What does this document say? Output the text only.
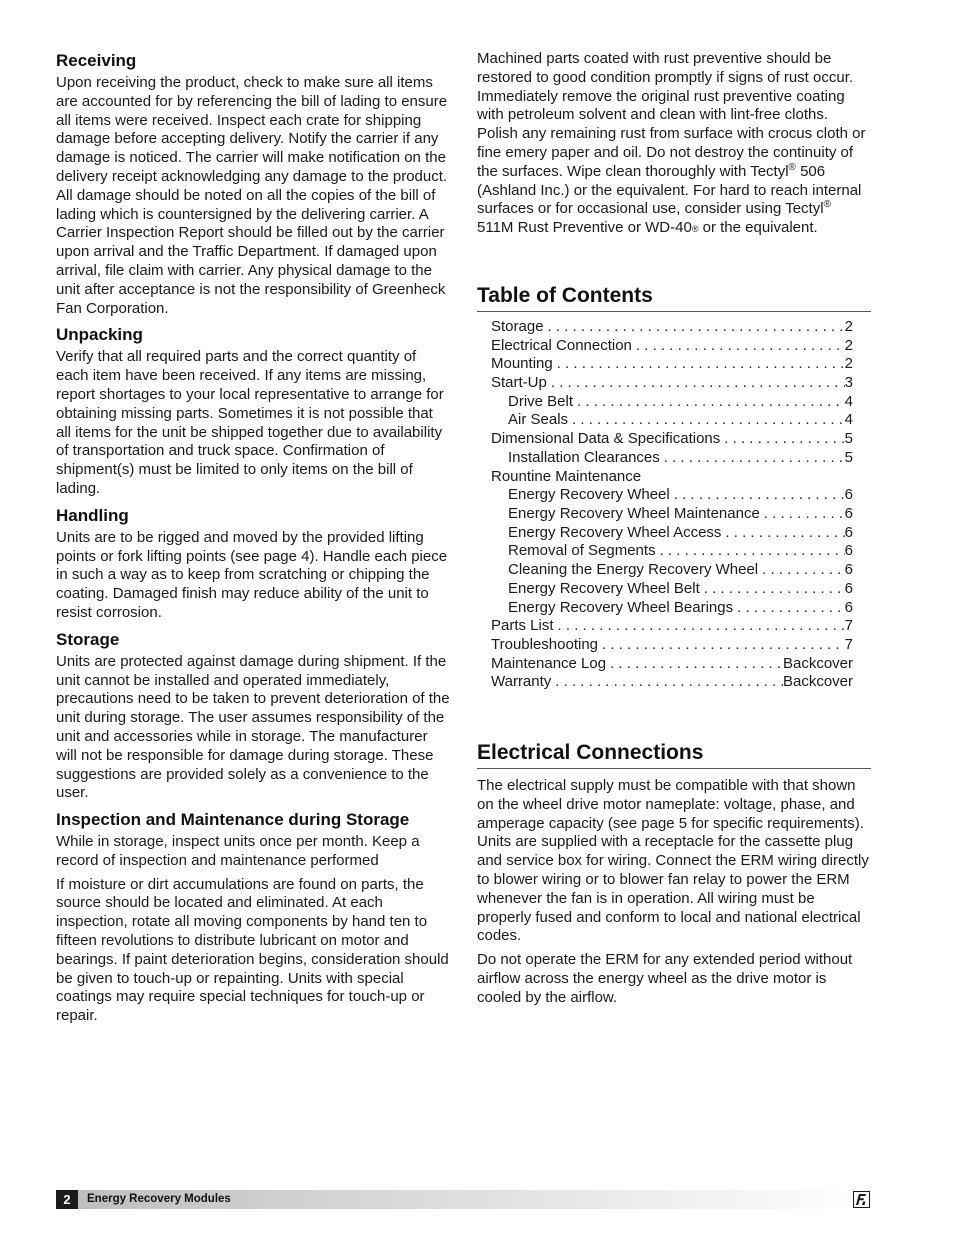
Receiving

Upon receiving the product, check to make sure all items are accounted for by referencing the bill of lading to ensure all items were received. Inspect each crate for shipping damage before accepting delivery. Notify the carrier if any damage is noticed. The carrier will make notification on the delivery receipt acknowledging any damage to the product. All damage should be noted on all the copies of the bill of lading which is countersigned by the delivering carrier. A Carrier Inspection Report should be filled out by the carrier upon arrival and the Traffic Department. If damaged upon arrival, file claim with carrier. Any physical damage to the unit after acceptance is not the responsibility of Greenheck Fan Corporation.

Unpacking

Verify that all required parts and the correct quantity of each item have been received. If any items are missing, report shortages to your local representative to arrange for obtaining missing parts. Sometimes it is not possible that all items for the unit be shipped together due to availability of transportation and truck space. Confirmation of shipment(s) must be limited to only items on the bill of lading.

Handling

Units are to be rigged and moved by the provided lifting points or fork lifting points (see page 4). Handle each piece in such a way as to keep from scratching or chipping the coating. Damaged finish may reduce ability of the unit to resist corrosion.

Storage

Units are protected against damage during shipment. If the unit cannot be installed and operated immediately, precautions need to be taken to prevent deterioration of the unit during storage. The user assumes responsibility of the unit and accessories while in storage. The manufacturer will not be responsible for damage during storage. These suggestions are provided solely as a convenience to the user.

Inspection and Maintenance during Storage

While in storage, inspect units once per month. Keep a record of inspection and maintenance performed

If moisture or dirt accumulations are found on parts, the source should be located and eliminated. At each inspection, rotate all moving components by hand ten to fifteen revolutions to distribute lubricant on motor and bearings. If paint deterioration begins, consideration should be given to touch-up or repainting. Units with special coatings may require special techniques for touch-up or repair.

Machined parts coated with rust preventive should be restored to good condition promptly if signs of rust occur. Immediately remove the original rust preventive coating with petroleum solvent and clean with lint-free cloths. Polish any remaining rust from surface with crocus cloth or fine emery paper and oil. Do not destroy the continuity of the surfaces. Wipe clean thoroughly with Tectyl® 506 (Ashland Inc.) or the equivalent. For hard to reach internal surfaces or for occasional use, consider using Tectyl® 511M Rust Preventive or WD-40® or the equivalent.

Table of Contents
Storage . . .	2
Electrical Connection . . .	2
Mounting . . .	2
Start-Up . . .	3
Drive Belt . . .	4
Air Seals . . .	4
Dimensional Data & Specifications . . .	5
Installation Clearances . . .	5
Rountine Maintenance
Energy Recovery Wheel . . .	6
Energy Recovery Wheel Maintenance . . .	6
Energy Recovery Wheel Access . . .	6
Removal of Segments . . .	6
Cleaning the Energy Recovery Wheel . . .	6
Energy Recovery Wheel Belt . . .	6
Energy Recovery Wheel Bearings . . .	6
Parts List . . .	7
Troubleshooting . . .	7
Maintenance Log . . .	Backcover
Warranty . . .	Backcover
Electrical Connections

The electrical supply must be compatible with that shown on the wheel drive motor nameplate: voltage, phase, and amperage capacity (see page 5 for specific requirements). Units are supplied with a receptacle for the cassette plug and service box for wiring. Connect the ERM wiring directly to blower wiring or to blower fan relay to power the ERM whenever the fan is in operation. All wiring must be properly fused and conform to local and national electrical codes.

Do not operate the ERM for any extended period without airflow across the energy wheel as the drive motor is cooled by the airflow.

2	Energy Recovery Modules
